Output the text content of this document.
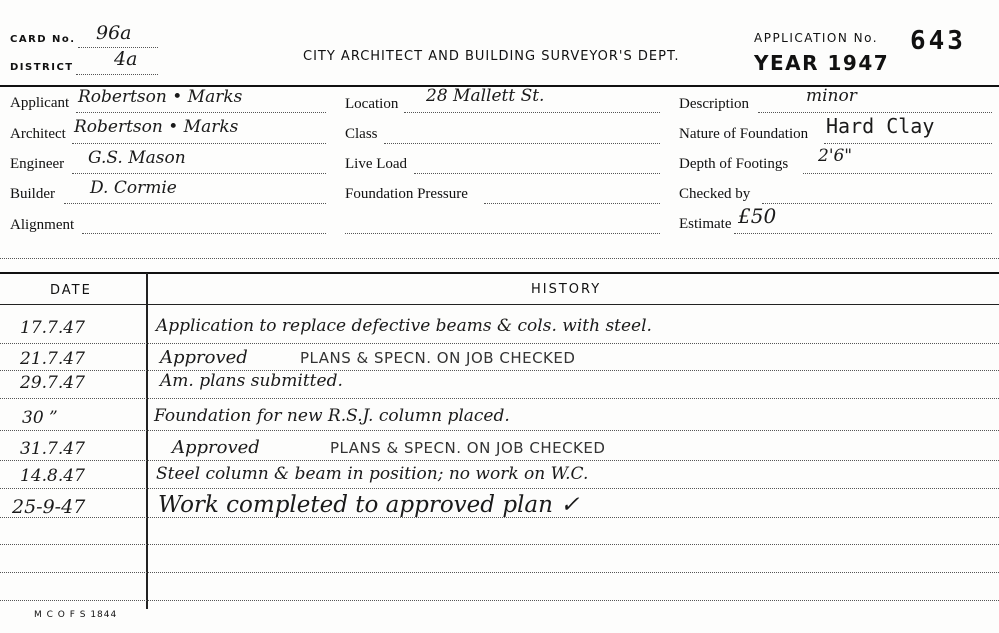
CARD No. 96a
DISTRICT 4a	CITY ARCHITECT AND BUILDING SURVEYOR'S DEPT.
APPLICATION No. 643
YEAR 1947
Applicant Robertson • Marks
Architect Robertson • Marks
Engineer G.S. Mason
Builder D. Cormie
Alignment
Location 28 Mallett St.
Class
Live Load
Foundation Pressure
Description	minor
Nature of Foundation Hard Clay
Depth of Footings 2'6"
Checked by
Estimate £50
DATE	HISTORY
17.7.47	Application to replace defective beams & cols. with steel.
21.7.47	Approved	PLANS & SPECN. ON JOB CHECKED
29.7.47	Am. plans submitted.
30 ”	Foundation for new R.S.J. column placed.
31.7.47	Approved	PLANS & SPECN. ON JOB CHECKED
14.8.47	Steel column & beam in position; no work on W.C.
25-9-47	Work completed to approved plan ✓
M C O F S 1844
